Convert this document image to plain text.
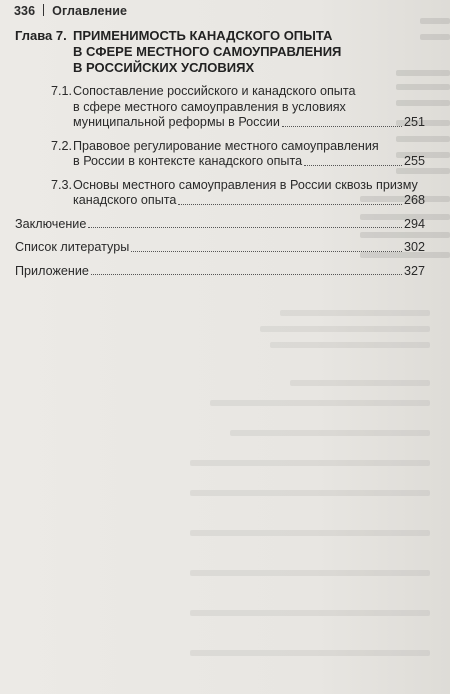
336 Оглавление
Глава 7. ПРИМЕНИМОСТЬ КАНАДСКОГО ОПЫТА
В СФЕРЕ МЕСТНОГО САМОУПРАВЛЕНИЯ
В РОССИЙСКИХ УСЛОВИЯХ
7.1.Сопоставление российского и канадского опыта
в сфере местного самоуправления в условиях
муниципальной реформы в России	251
7.2.Правовое регулирование местного самоуправления
в России в контексте канадского опыта	255
7.3.Основы местного самоуправления в России сквозь призму
канадского опыта	268
Заключение	294
Список литературы	302
Приложение	327
